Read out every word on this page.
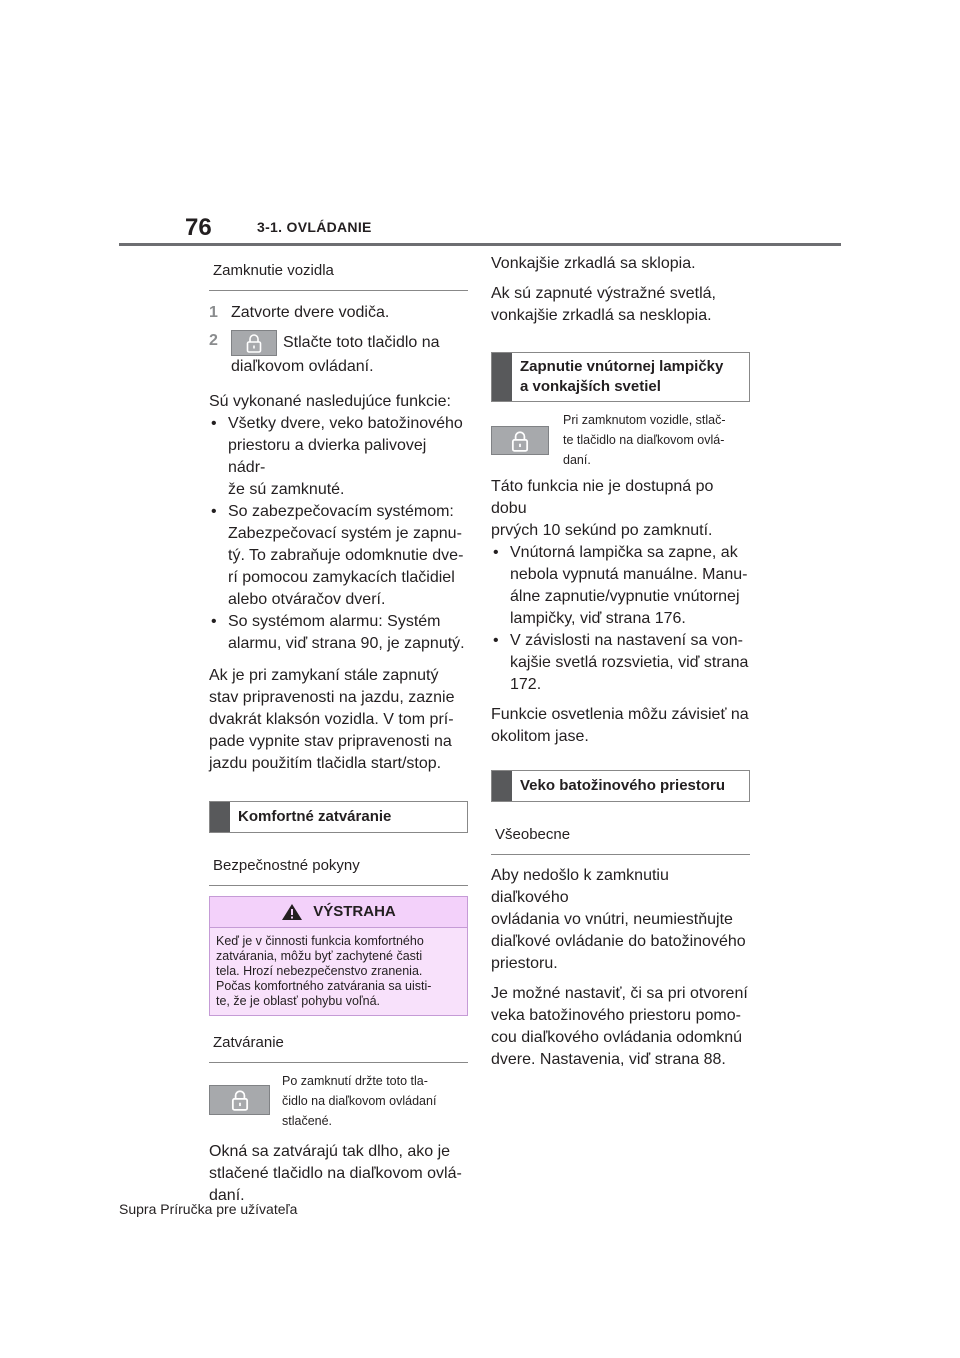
76	3-1. OVLÁDANIE
Zamknutie vozidla
1 Zatvorte dvere vodiča.
2	Stlačte toto tlačidlo na
diaľkovom ovládaní.

Sú vykonané nasledujúce funkcie:

• Všetky dvere, veko batožinového
priestoru a dvierka palivovej nádr-
že sú zamknuté.
• So zabezpečovacím systémom:
Zabezpečovací systém je zapnu-
tý. To zabraňuje odomknutie dve-
rí pomocou zamykacích tlačidiel
alebo otváračov dverí.
• So systémom alarmu: Systém
alarmu, viď strana 90, je zapnutý.
Ak je pri zamykaní stále zapnutý
stav pripravenosti na jazdu, zaznie
dvakrát klaksón vozidla. V tom prí-
pade vypnite stav pripravenosti na
jazdu použitím tlačidla start/stop.
Komfortné zatváranie
Bezpečnostné pokyny
VÝSTRAHA
Keď je v činnosti funkcia komfortného
zatvárania, môžu byť zachytené časti
tela. Hrozí nebezpečenstvo zranenia.
Počas komfortného zatvárania sa uisti-
te, že je oblasť pohybu voľná.
Zatváranie
Po zamknutí držte toto tla-
čidlo na diaľkovom ovládaní
stlačené.
Okná sa zatvárajú tak dlho, ako je
stlačené tlačidlo na diaľkovom ovlá-
daní.

Vonkajšie zrkadlá sa sklopia.

Ak sú zapnuté výstražné svetlá,
vonkajšie zrkadlá sa nesklopia.
Zapnutie vnútornej lampičky
a vonkajších svetiel
Pri zamknutom vozidle, stlač-
te tlačidlo na diaľkovom ovlá-
daní.
Táto funkcia nie je dostupná po dobu
prvých 10 sekúnd po zamknutí.
• Vnútorná lampička sa zapne, ak
nebola vypnutá manuálne. Manu-
álne zapnutie/vypnutie vnútornej
lampičky, viď strana 176.
• V závislosti na nastavení sa von-
kajšie svetlá rozsvietia, viď strana
172.
Funkcie osvetlenia môžu závisieť na
okolitom jase.
Veko batožinového priestoru
Všeobecne
Aby nedošlo k zamknutiu diaľkového
ovládania vo vnútri, neumiestňujte
diaľkové ovládanie do batožinového
priestoru.
Je možné nastaviť, či sa pri otvorení
veka batožinového priestoru pomo-
cou diaľkového ovládania odomknú
dvere. Nastavenia, viď strana 88.
Supra Príručka pre užívateľa
